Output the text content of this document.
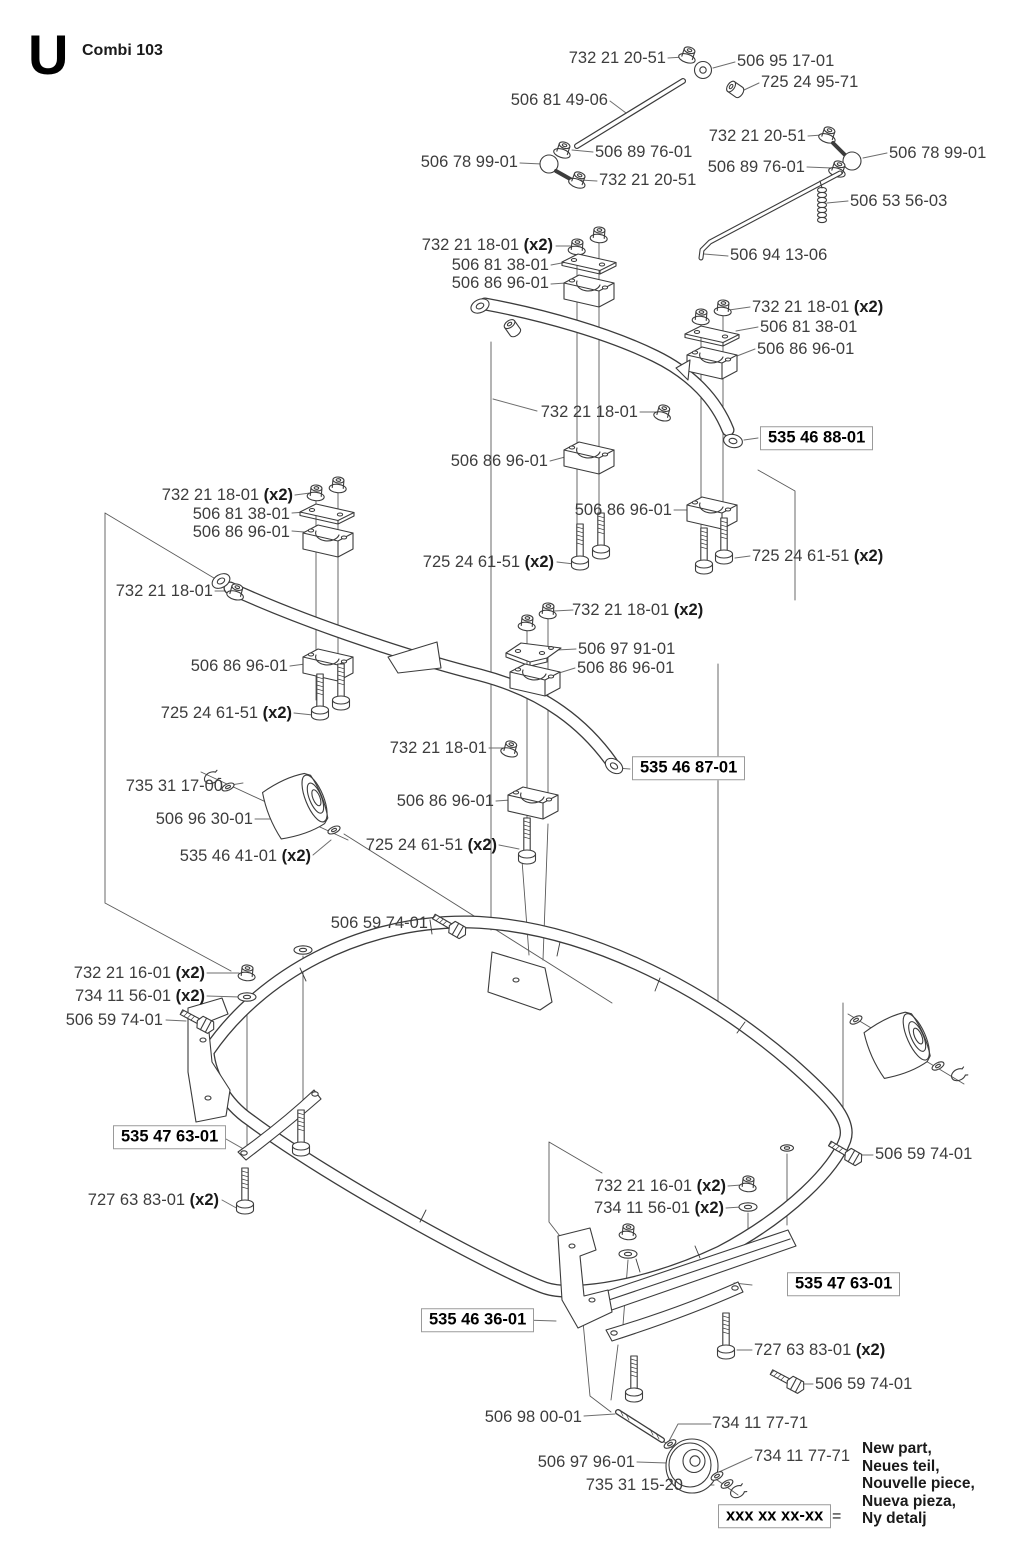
U Combi 103	732 21 20-51	506 95 17-01
725 24 95-71
506 81 49-06
506 78 99-01
506 89 76-01
732 21 20-51
732 21 20-51
506 89 76-01
506 78 99-01
506 53 56-03
506 94 13-06
732 21 18-01 (x2)
506 81 38-01
506 86 96-01
732 21 18-01 (x2)
506 81 38-01
506 86 96-01
732 21 18-01
535 46 88-01
506 86 96-01
506 86 96-01
725 24 61-51 (x2)	725 24 61-51 (x2)
732 21 18-01 (x2)
506 81 38-01
506 86 96-01
732 21 18-01
506 86 96-01
725 24 61-51 (x2)
732 21 18-01 (x2)
506 97 91-01
506 86 96-01
732 21 18-01
506 86 96-01
725 24 61-51 (x2)
735 31 17-00
506 96 30-01
535 46 41-01 (x2)
535 46 87-01
506 59 74-01
732 21 16-01 (x2)
734 11 56-01 (x2)
506 59 74-01
535 47 63-01
727 63 83-01 (x2)
506 59 74-01
732 21 16-01 (x2)
734 11 56-01 (x2)
535 47 63-01
535 46 36-01
727 63 83-01 (x2)
506 59 74-01
506 98 00-01	734 11 77-71
506 97 96-01	734 11 77-71
735 31 15-20
xxx xx xx-xx =
New part,
Neues teil,
Nouvelle piece,
Nueva pieza,
Ny detalj
